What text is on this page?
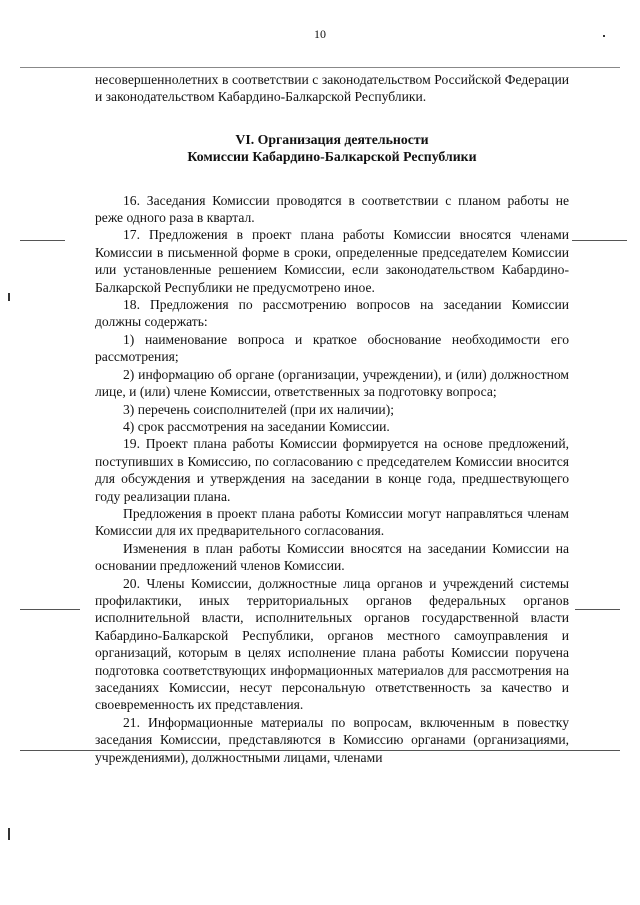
10

несовершеннолетних в соответствии с законодательством Российской Федерации и законодательством Кабардино-Балкарской Республики.

VI. Организация деятельности
Комиссии Кабардино-Балкарской Республики

16. Заседания Комиссии проводятся в соответствии с планом работы не реже одного раза в квартал.

17. Предложения в проект плана работы Комиссии вносятся членами Комиссии в письменной форме в сроки, определенные председателем Комиссии или установленные решением Комиссии, если законодательством Кабардино-Балкарской Республики не предусмотрено иное.

18. Предложения по рассмотрению вопросов на заседании Комиссии должны содержать:

1) наименование вопроса и краткое обоснование необходимости его рассмотрения;

2) информацию об органе (организации, учреждении), и (или) должностном лице, и (или) члене Комиссии, ответственных за подготовку вопроса;

3) перечень соисполнителей (при их наличии);

4) срок рассмотрения на заседании Комиссии.

19. Проект плана работы Комиссии формируется на основе предложений, поступивших в Комиссию, по согласованию с председателем Комиссии вносится для обсуждения и утверждения на заседании в конце года, предшествующего году реализации плана.

Предложения в проект плана работы Комиссии могут направляться членам Комиссии для их предварительного согласования.

Изменения в план работы Комиссии вносятся на заседании Комиссии на основании предложений членов Комиссии.

20. Члены Комиссии, должностные лица органов и учреждений системы профилактики, иных территориальных органов федеральных органов исполнительной власти, исполнительных органов государственной власти Кабардино-Балкарской Республики, органов местного самоуправления и организаций, которым в целях исполнение плана работы Комиссии поручена подготовка соответствующих информационных материалов для рассмотрения на заседаниях Комиссии, несут персональную ответственность за качество и своевременность их представления.

21. Информационные материалы по вопросам, включенным в повестку заседания Комиссии, представляются в Комиссию органами (организациями, учреждениями), должностными лицами, членами
